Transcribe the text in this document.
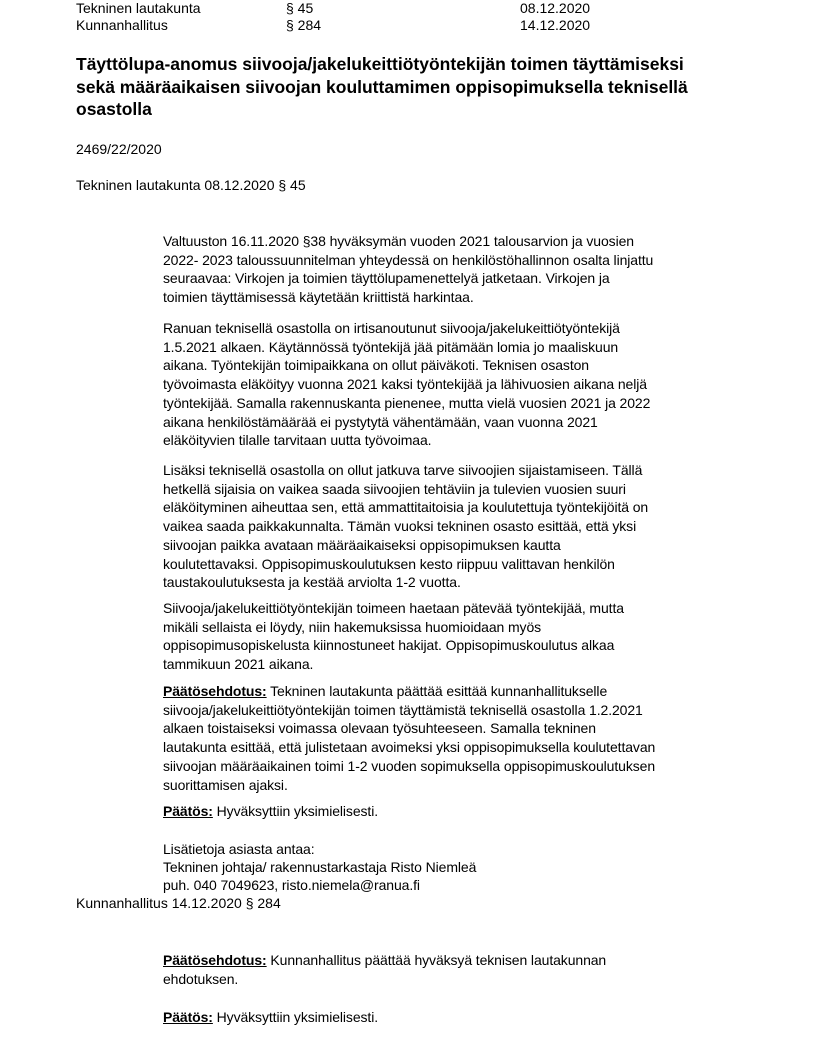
Tekninen lautakunta	§ 45	08.12.2020
Kunnanhallitus	§ 284	14.12.2020
Täyttölupa-anomus siivooja/jakelukeittiötyöntekijän toimen täyttämiseksi
sekä määräaikaisen siivoojan kouluttamimen oppisopimuksella teknisellä
osastolla
2469/22/2020
Tekninen lautakunta 08.12.2020 § 45
Valtuuston 16.11.2020 §38 hyväksymän vuoden 2021 talousarvion ja vuosien
2022- 2023 taloussuunnitelman yhteydessä on henkilöstöhallinnon osalta linjattu
seuraavaa: Virkojen ja toimien täyttölupamenettelyä jatketaan. Virkojen ja
toimien täyttämisessä käytetään kriittistä harkintaa.
Ranuan teknisellä osastolla on irtisanoutunut siivooja/jakelukeittiötyöntekijä
1.5.2021 alkaen. Käytännössä työntekijä jää pitämään lomia jo maaliskuun
aikana. Työntekijän toimipaikkana on ollut päiväkoti. Teknisen osaston
työvoimasta eläköityy vuonna 2021 kaksi työntekijää ja lähivuosien aikana neljä
työntekijää. Samalla rakennuskanta pienenee, mutta vielä vuosien 2021 ja 2022
aikana henkilöstämäärää ei pystytytä vähentämään, vaan vuonna 2021
eläköityvien tilalle tarvitaan uutta työvoimaa.
Lisäksi teknisellä osastolla on ollut jatkuva tarve siivoojien sijaistamiseen. Tällä
hetkellä sijaisia on vaikea saada siivoojien tehtäviin ja tulevien vuosien suuri
eläköityminen aiheuttaa sen, että ammattitaitoisia ja koulutettuja työntekijöitä on
vaikea saada paikkakunnalta. Tämän vuoksi tekninen osasto esittää, että yksi
siivoojan paikka avataan määräaikaiseksi oppisopimuksen kautta
koulutettavaksi. Oppisopimuskoulutuksen kesto riippuu valittavan henkilön
taustakoulutuksesta ja kestää arviolta 1-2 vuotta.
Siivooja/jakelukeittiötyöntekijän toimeen haetaan pätevää työntekijää, mutta
mikäli sellaista ei löydy, niin hakemuksissa huomioidaan myös
oppisopimusopiskelusta kiinnostuneet hakijat. Oppisopimuskoulutus alkaa
tammikuun 2021 aikana.
Päätösehdotus: Tekninen lautakunta päättää esittää kunnanhallitukselle
siivooja/jakelukeittiötyöntekijän toimen täyttämistä teknisellä osastolla 1.2.2021
alkaen toistaiseksi voimassa olevaan työsuhteeseen. Samalla tekninen
lautakunta esittää, että julistetaan avoimeksi yksi oppisopimuksella koulutettavan
siivoojan määräaikainen toimi 1-2 vuoden sopimuksella oppisopimuskoulutuksen
suorittamisen ajaksi.
Päätös: Hyväksyttiin yksimielisesti.
Lisätietoja asiasta antaa:
Tekninen johtaja/ rakennustarkastaja Risto Niemleä
puh. 040 7049623, risto.niemela@ranua.fi
Kunnanhallitus 14.12.2020 § 284
Päätösehdotus: Kunnanhallitus päättää hyväksyä teknisen lautakunnan
ehdotuksen.
Päätös: Hyväksyttiin yksimielisesti.
